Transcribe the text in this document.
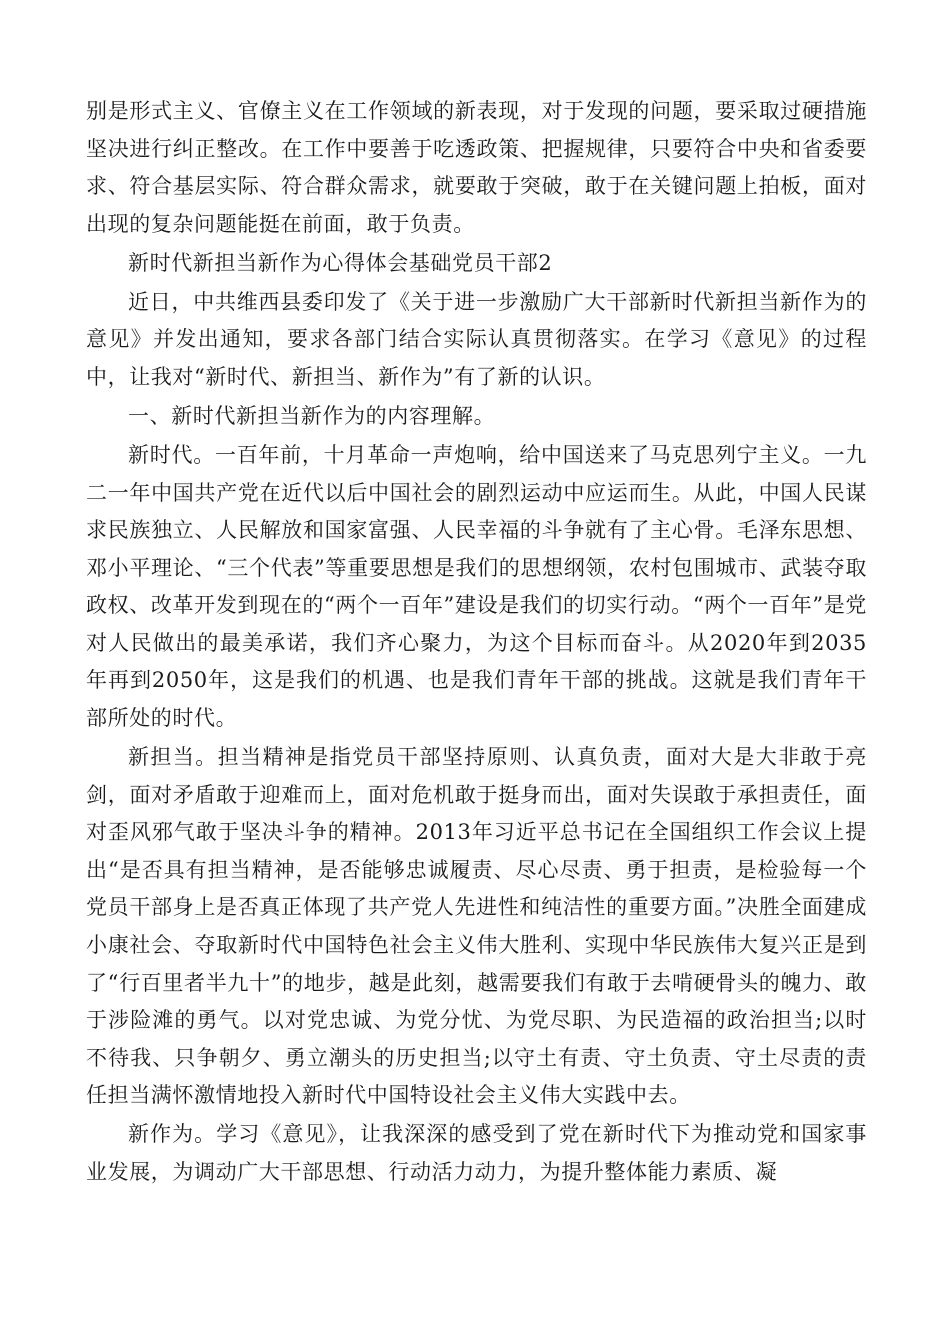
别是形式主义、官僚主义在工作领域的新表现，对于发现的问题，要采取过硬措施坚决进行纠正整改。在工作中要善于吃透政策、把握规律，只要符合中央和省委要求、符合基层实际、符合群众需求，就要敢于突破，敢于在关键问题上拍板，面对出现的复杂问题能挺在前面，敢于负责。

新时代新担当新作为心得体会基础党员干部2

近日，中共维西县委印发了《关于进一步激励广大干部新时代新担当新作为的意见》并发出通知，要求各部门结合实际认真贯彻落实。在学习《意见》的过程中，让我对“新时代、新担当、新作为”有了新的认识。

一、新时代新担当新作为的内容理解。

新时代。一百年前，十月革命一声炮响，给中国送来了马克思列宁主义。一九二一年中国共产党在近代以后中国社会的剧烈运动中应运而生。从此，中国人民谋求民族独立、人民解放和国家富强、人民幸福的斗争就有了主心骨。毛泽东思想、邓小平理论、“三个代表”等重要思想是我们的思想纲领，农村包围城市、武装夺取政权、改革开发到现在的“两个一百年”建设是我们的切实行动。“两个一百年”是党对人民做出的最美承诺，我们齐心聚力，为这个目标而奋斗。从2020年到2035年再到2050年，这是我们的机遇、也是我们青年干部的挑战。这就是我们青年干部所处的时代。

新担当。担当精神是指党员干部坚持原则、认真负责，面对大是大非敢于亮剑，面对矛盾敢于迎难而上，面对危机敢于挺身而出，面对失误敢于承担责任，面对歪风邪气敢于坚决斗争的精神。2013年习近平总书记在全国组织工作会议上提出“是否具有担当精神，是否能够忠诚履责、尽心尽责、勇于担责，是检验每一个党员干部身上是否真正体现了共产党人先进性和纯洁性的重要方面。”决胜全面建成小康社会、夺取新时代中国特色社会主义伟大胜利、实现中华民族伟大复兴正是到了“行百里者半九十”的地步，越是此刻，越需要我们有敢于去啃硬骨头的魄力、敢于涉险滩的勇气。以对党忠诚、为党分忧、为党尽职、为民造福的政治担当;以时不待我、只争朝夕、勇立潮头的历史担当;以守土有责、守土负责、守土尽责的责任担当满怀激情地投入新时代中国特设社会主义伟大实践中去。

新作为。学习《意见》，让我深深的感受到了党在新时代下为推动党和国家事业发展，为调动广大干部思想、行动活力动力，为提升整体能力素质、凝
